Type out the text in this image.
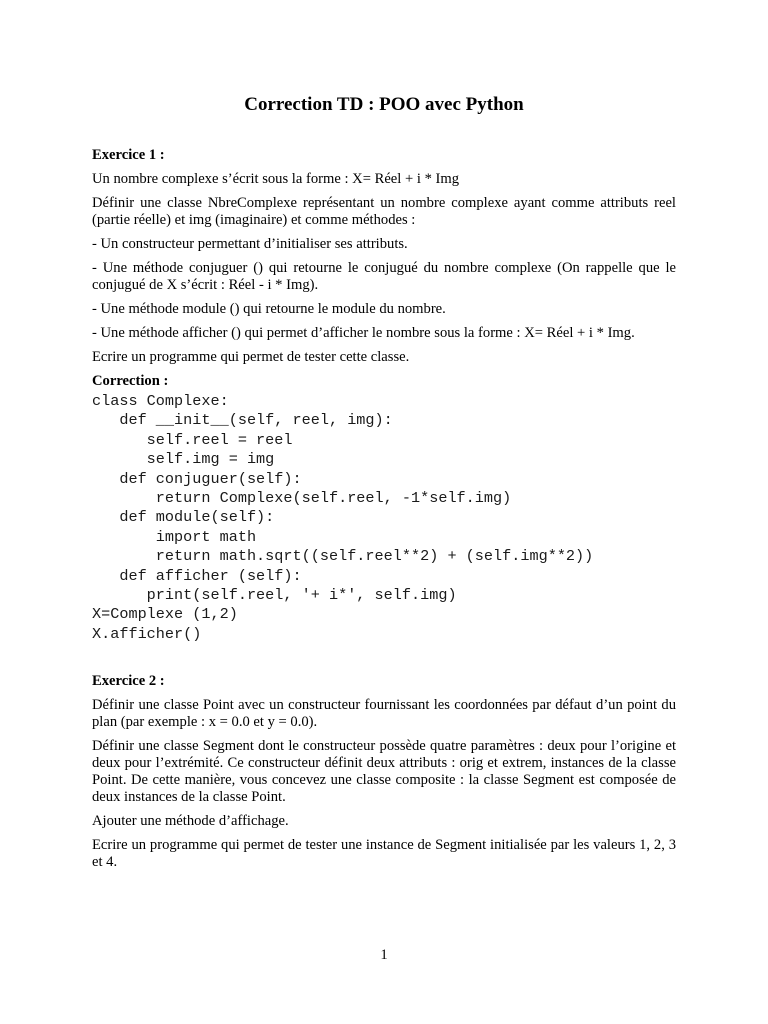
Correction TD : POO avec Python
Exercice 1 :

Un nombre complexe s’écrit sous la forme : X= Réel + i * Img

Définir une classe NbreComplexe représentant un nombre complexe ayant comme attributs reel (partie réelle) et img (imaginaire) et comme méthodes :

- Un constructeur permettant d’initialiser ses attributs.

- Une méthode conjuguer () qui retourne le conjugué du nombre complexe (On rappelle que le conjugué de X s’écrit : Réel - i * Img).

- Une méthode module () qui retourne le module du nombre.

- Une méthode afficher () qui permet d’afficher le nombre sous la forme : X= Réel + i * Img.

Ecrire un programme qui permet de tester cette classe.

Correction :
class Complexe:
def __init__(self, reel, img):
self.reel = reel
self.img = img
def conjuguer(self):
return Complexe(self.reel, -1*self.img)
def module(self):
import math
return math.sqrt((self.reel**2) + (self.img**2))
def afficher (self):
print(self.reel, '+ i*', self.img)
X=Complexe (1,2)
X.afficher()
Exercice 2 :

Définir une classe Point avec un constructeur fournissant les coordonnées par défaut d’un point du plan (par exemple : x = 0.0 et y = 0.0).

Définir une classe Segment dont le constructeur possède quatre paramètres : deux pour l’origine et deux pour l’extrémité. Ce constructeur définit deux attributs : orig et extrem, instances de la classe Point. De cette manière, vous concevez une classe composite : la classe Segment est composée de deux instances de la classe Point.

Ajouter une méthode d’affichage.

Ecrire un programme qui permet de tester une instance de Segment initialisée par les valeurs 1, 2, 3 et 4.

1
